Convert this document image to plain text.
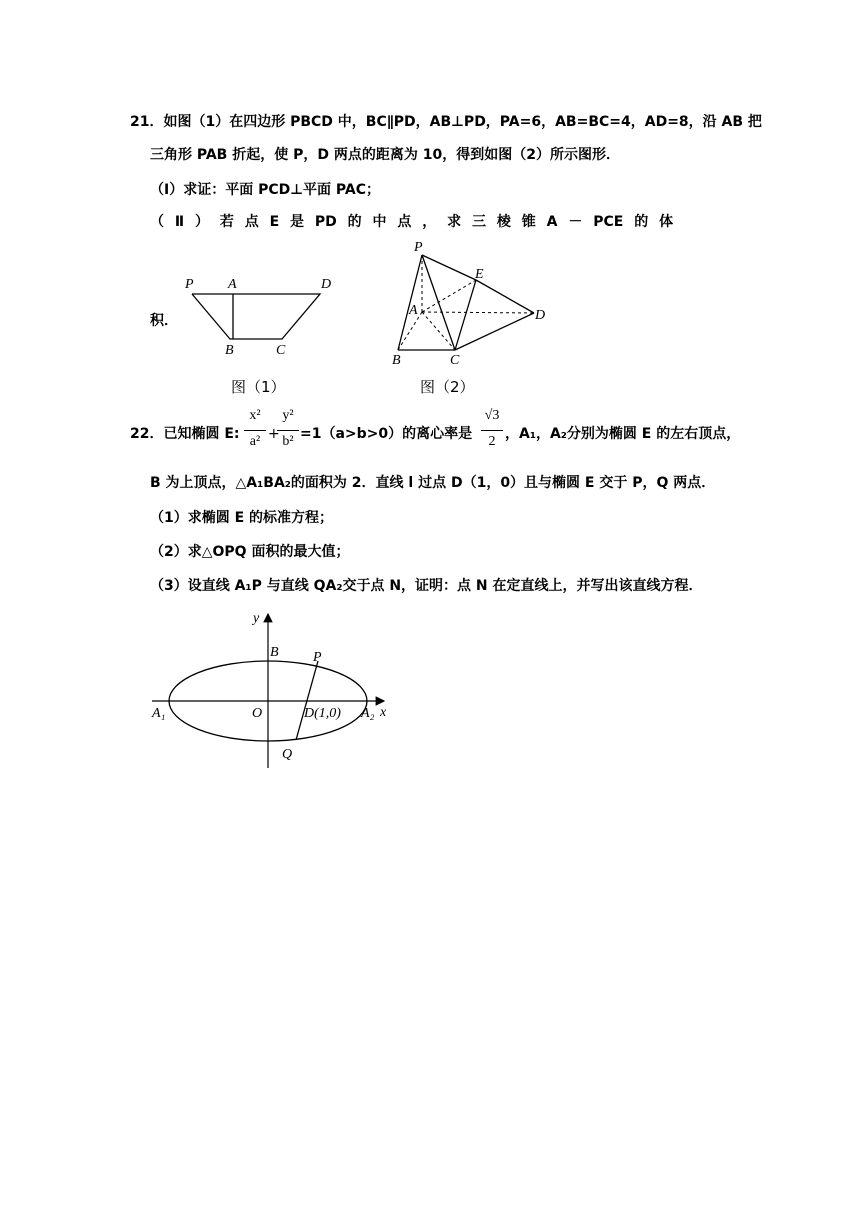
21．如图（1）在四边形 PBCD 中，BC∥PD，AB⊥PD，PA=6，AB=BC=4，AD=8，沿 AB 把
三角形 PAB 折起，使 P，D 两点的距离为 10，得到如图（2）所示图形．
（Ⅰ）求证：平面 PCD⊥平面 PAC；
（ Ⅱ ） 若 点 E 是 PD 的 中 点 ， 求 三 棱 锥 A － PCE 的 体
积．
P A	D
B	C
图（1）
P
E
A	D
B	C
图（2）
22．已知椭圆 E:
x²
a² +
y²
b² =1（a>b>0）的离心率是
√3
2 ，A₁，A₂分别为椭圆 E 的左右顶点，
B 为上顶点，△A₁BA₂的面积为 2．直线 l 过点 D（1，0）且与椭圆 E 交于 P，Q 两点．
（1）求椭圆 E 的标准方程；
（2）求△OPQ 面积的最大值；
（3）设直线 A₁P 与直线 QA₂交于点 N，证明：点 N 在定直线上，并写出该直线方程．
y
x
B P
A₁	O	D(1,0) A₂
Q
